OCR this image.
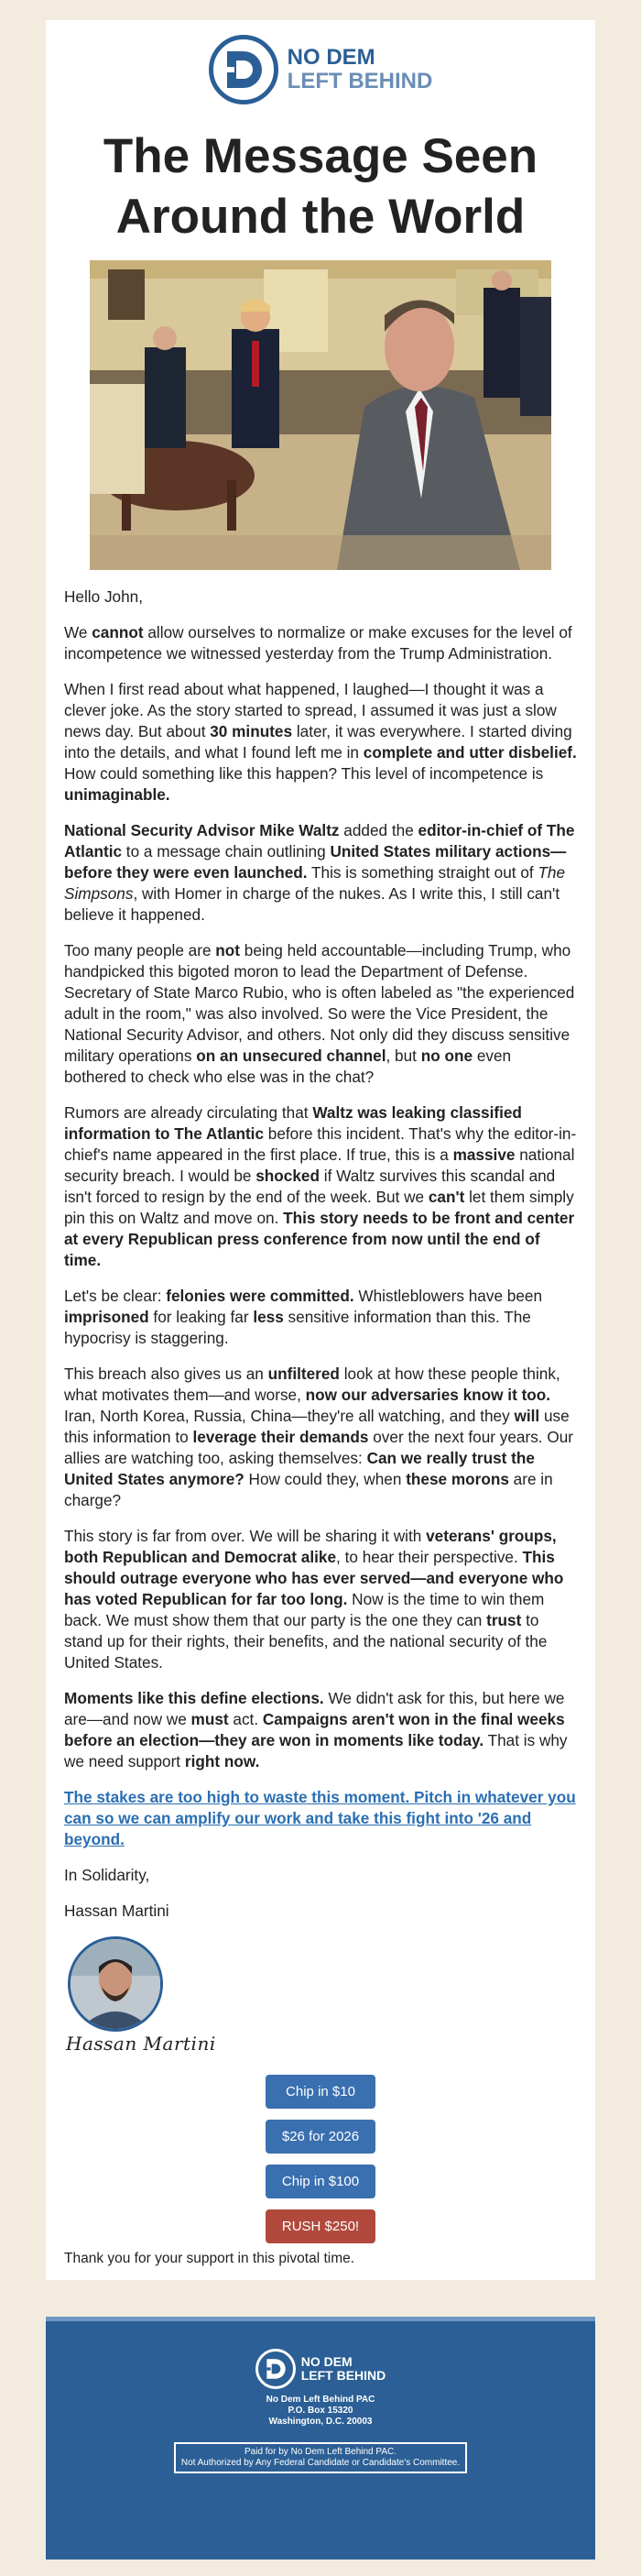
NO DEM
LEFT BEHIND
The Message Seen
Around the World

Hello John,

We cannot allow ourselves to normalize or make excuses for the level of incompetence we witnessed yesterday from the Trump Administration.

When I first read about what happened, I laughed—I thought it was a clever joke. As the story started to spread, I assumed it was just a slow news day. But about 30 minutes later, it was everywhere. I started diving into the details, and what I found left me in complete and utter disbelief. How could something like this happen? This level of incompetence is unimaginable.

National Security Advisor Mike Waltz added the editor-in-chief of The Atlantic to a message chain outlining United States military actions—before they were even launched. This is something straight out of The Simpsons, with Homer in charge of the nukes. As I write this, I still can't believe it happened.

Too many people are not being held accountable—including Trump, who handpicked this bigoted moron to lead the Department of Defense. Secretary of State Marco Rubio, who is often labeled as "the experienced adult in the room," was also involved. So were the Vice President, the National Security Advisor, and others. Not only did they discuss sensitive military operations on an unsecured channel, but no one even bothered to check who else was in the chat?

Rumors are already circulating that Waltz was leaking classified information to The Atlantic before this incident. That's why the editor-in-chief's name appeared in the first place. If true, this is a massive national security breach. I would be shocked if Waltz survives this scandal and isn't forced to resign by the end of the week. But we can't let them simply pin this on Waltz and move on. This story needs to be front and center at every Republican press conference from now until the end of time.

Let's be clear: felonies were committed. Whistleblowers have been imprisoned for leaking far less sensitive information than this. The hypocrisy is staggering.

This breach also gives us an unfiltered look at how these people think, what motivates them—and worse, now our adversaries know it too. Iran, North Korea, Russia, China—they're all watching, and they will use this information to leverage their demands over the next four years. Our allies are watching too, asking themselves: Can we really trust the United States anymore? How could they, when these morons are in charge?

This story is far from over. We will be sharing it with veterans' groups, both Republican and Democrat alike, to hear their perspective. This should outrage everyone who has ever served—and everyone who has voted Republican for far too long. Now is the time to win them back. We must show them that our party is the one they can trust to stand up for their rights, their benefits, and the national security of the United States.

Moments like this define elections. We didn't ask for this, but here we are—and now we must act. Campaigns aren't won in the final weeks before an election—they are won in moments like today. That is why we need support right now.

The stakes are too high to waste this moment. Pitch in whatever you can so we can amplify our work and take this fight into '26 and beyond.

In Solidarity,

Hassan Martini

Hassan Martini
Chip in $10
$26 for 2026
Chip in $100
RUSH $250!
Thank you for your support in this pivotal time.
NO DEM
LEFT BEHIND
No Dem Left Behind PAC
P.O. Box 15320
Washington, D.C. 20003
Paid for by No Dem Left Behind PAC.
Not Authorized by Any Federal Candidate or Candidate's Committee.
